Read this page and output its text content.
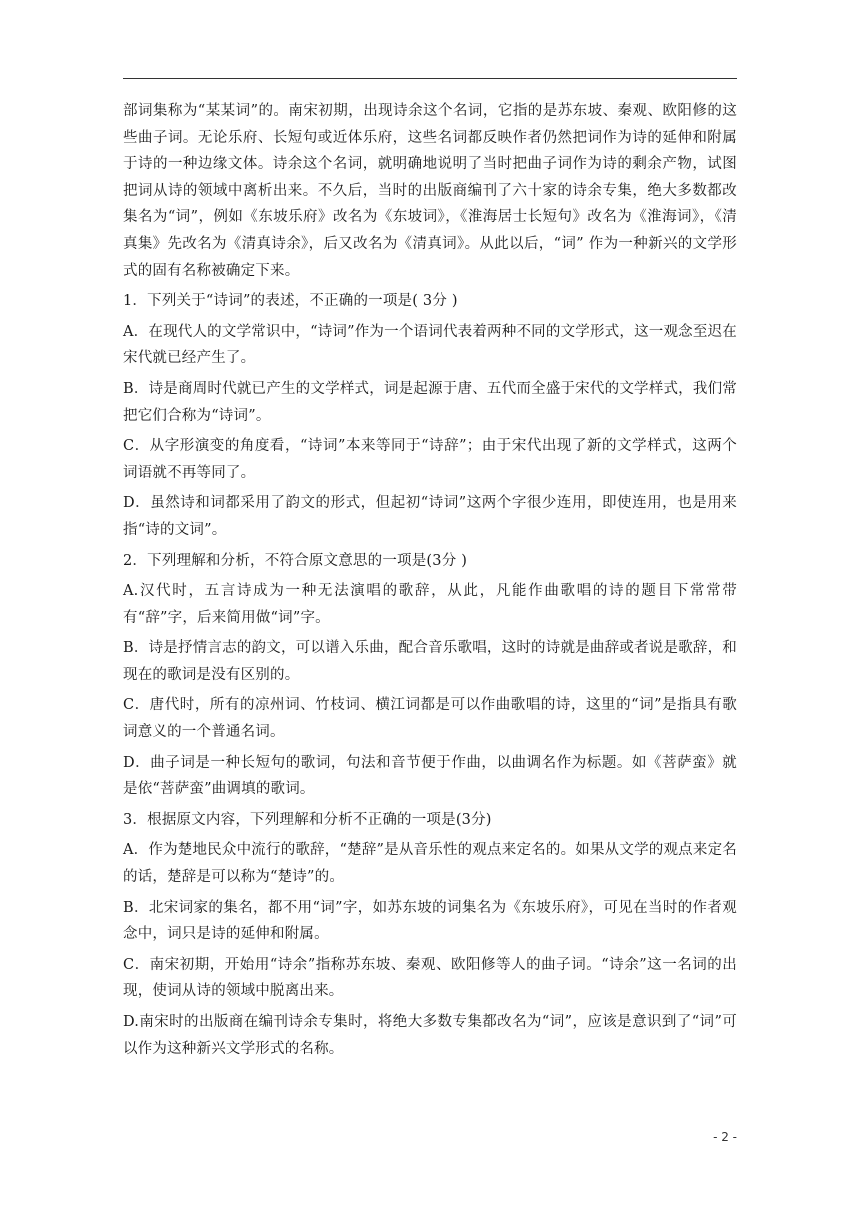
部词集称为“某某词”的。南宋初期，出现诗余这个名词，它指的是苏东坡、秦观、欧阳修的这些曲子词。无论乐府、长短句或近体乐府，这些名词都反映作者仍然把词作为诗的延伸和附属于诗的一种边缘文体。诗余这个名词，就明确地说明了当时把曲子词作为诗的剩余产物，试图把词从诗的领域中离析出来。不久后，当时的出版商编刊了六十家的诗余专集，绝大多数都改集名为“词”，例如《东坡乐府》改名为《东坡词》，《淮海居士长短句》改名为《淮海词》，《清真集》先改名为《清真诗余》，后又改名为《清真词》。从此以后，“词” 作为一种新兴的文学形式的固有名称被确定下来。

1．下列关于“诗词”的表述，不正确的一项是( 3分 )

A．在现代人的文学常识中，“诗词”作为一个语词代表着两种不同的文学形式，这一观念至迟在宋代就已经产生了。

B．诗是商周时代就已产生的文学样式，词是起源于唐、五代而全盛于宋代的文学样式，我们常把它们合称为“诗词”。

C．从字形演变的角度看，“诗词”本来等同于“诗辞”；由于宋代出现了新的文学样式，这两个词语就不再等同了。

D．虽然诗和词都采用了韵文的形式，但起初“诗词”这两个字很少连用，即使连用，也是用来指“诗的文词”。

2．下列理解和分析，不符合原文意思的一项是(3分 )

A.汉代时，五言诗成为一种无法演唱的歌辞，从此，凡能作曲歌唱的诗的题目下常常带有“辞”字，后来简用做“词”字。

B．诗是抒情言志的韵文，可以谱入乐曲，配合音乐歌唱，这时的诗就是曲辞或者说是歌辞，和现在的歌词是没有区别的。

C．唐代时，所有的凉州词、竹枝词、横江词都是可以作曲歌唱的诗，这里的“词”是指具有歌词意义的一个普通名词。

D．曲子词是一种长短句的歌词，句法和音节便于作曲，以曲调名作为标题。如《菩萨蛮》就是依“菩萨蛮”曲调填的歌词。

3．根据原文内容，下列理解和分析不正确的一项是(3分)

A．作为楚地民众中流行的歌辞，“楚辞”是从音乐性的观点来定名的。如果从文学的观点来定名的话，楚辞是可以称为“楚诗”的。

B．北宋词家的集名，都不用“词”字，如苏东坡的词集名为《东坡乐府》，可见在当时的作者观念中，词只是诗的延伸和附属。

C．南宋初期，开始用“诗余”指称苏东坡、秦观、欧阳修等人的曲子词。“诗余”这一名词的出现，使词从诗的领域中脱离出来。

D.南宋时的出版商在编刊诗余专集时，将绝大多数专集都改名为“词”，应该是意识到了“词”可以作为这种新兴文学形式的名称。

- 2 -
